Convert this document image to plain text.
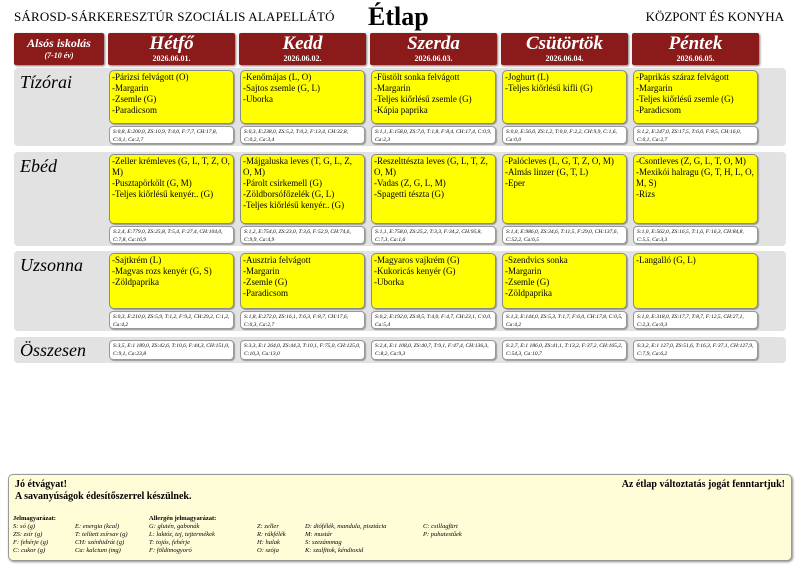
SÁROSD-SÁRKERESZTÚR SZOCIÁLIS ALAPELLÁTÓ Étlap	KÖZPONT ÉS KONYHA
Alsós iskolás
(7-10 év)
Hétfő
2026.06.01.
Kedd
2026.06.02.
Szerda
2026.06.03.
Csütörtök
2026.06.04.
Péntek
2026.06.05.
Tízórai	-Párizsi felvágott (O)
-Margarin
-Zsemle (G)
-Paradicsom
S:0,8, E:200,0, ZS:10,9, T:4,0, F:7,7, CH:17,8, C:0,1, Ca:2,7
-Kenőmájas (L, O)
-Sajtos zsemle (G, L)
-Uborka
S:0,3, E:238,0, ZS:5,2, T:0,2, F:13,4, CH:32,8, C:0,2, Ca:3,4
-Füstölt sonka felvágott
-Margarin
-Teljes kiőrlésű zsemle (G)
-Kápia paprika
S:1,1, E:158,0, ZS:7,0, T:1,8, F:8,4, CH:17,4, C:0,9, Ca:2,3
-Joghurt (L)
-Teljes kiőrlésű kifli (G)
S:0,0, E:56,0, ZS:1,2, T:0,0, F:2,2, CH:9,9, C:1,6, Ca:0,0
-Paprikás száraz felvágott
-Margarin
-Teljes kiőrlésű zsemle (G)
-Paradicsom
S:1,2, E:247,0, ZS:17,5, T:6,0, F:8,5, CH:16,0, C:0,1, Ca:2,7
Ebéd	-Zeller krémleves (G, L, T, Z, O, M)
-Pusztapörkölt (G, M)
-Teljes kiőrlésű kenyér.. (G)
S:2,4, E:779,0, ZS:25,8, T:5,4, F:27,4, CH:104,0, C:7,8, Ca:16,9
-Májgaluska leves (T, G, L, Z, O, M)
-Párolt csirkemell (G)
-Zöldborsófőzelék (G, L)
-Teljes kiőrlésű kenyér.. (G)
S:1,2, E:754,0, ZS:23,0, T:3,6, F:52,9, CH:74,6, C:9,9, Ca:4,9
-Reszelttészta leves (G, L, T, Z, O, M)
-Vadas (Z, G, L, M)
-Spagetti tészta (G)
S:1,1, E:758,0, ZS:25,2, T:3,3, F:34,2, CH:95,8, C:7,3, Ca:1,6
-Palócleves (L, G, T, Z, O, M)
-Almás linzer (G, T, L)
-Eper
S:1,4, E:986,0, ZS:34,6, T:11,5, F:29,0, CH:137,6, C:52,2, Ca:6,5
-Csontleves (Z, G, L, T, O, M)
-Mexikói halragu (G, T, H, L, O, M, S)
-Rizs
S:1,0, E:562,0, ZS:16,5, T:1,6, F:16,3, CH:84,8, C:5,5, Ca:3,3
Uzsonna	-Sajtkrém (L)
-Magvas rozs kenyér (G, S)
-Zöldpaprika
S:0,3, E:210,0, ZS:5,9, T:1,2, F:9,2, CH:29,2, C:1,2, Ca:4,2
-Ausztria felvágott
-Margarin
-Zsemle (G)
-Paradicsom
S:1,8, E:272,0, ZS:16,1, T:6,3, F:8,7, CH:17,6, C:0,3, Ca:2,7
-Magyaros vajkrém (G)
-Kukoricás kenyér (G)
-Uborka
S:0,2, E:192,0, ZS:8,5, T:4,0, F:4,7, CH:23,1, C:0,0, Ca:5,4
-Szendvics sonka
-Margarin
-Zsemle (G)
-Zöldpaprika
S:1,3, E:144,0, ZS:5,3, T:1,7, F:6,0, CH:17,8, C:0,5, Ca:4,2
-Langalló (G, L)
S:1,0, E:318,0, ZS:17,7, T:8,7, F:12,5, CH:27,1, C:2,3, Ca:0,3
Összesen	S:3,5, E:1 189,0, ZS:42,6, T:10,6, F:44,3, CH:151,0, C:9,1, Ca:23,8
S:3,3, E:1 264,0, ZS:44,3, T:10,1, F:75,0, CH:125,0, C:10,3, Ca:13,0
S:2,4, E:1 108,0, ZS:40,7, T:9,1, F:47,4, CH:136,3, C:8,2, Ca:9,3
S:2,7, E:1 186,0, ZS:41,1, T:13,2, F:37,2, CH:165,2, C:54,3, Ca:10,7
S:3,2, E:1 127,0, ZS:51,6, T:16,3, F:37,1, CH:127,9, C:7,9, Ca:6,2
Jó étvágyat!
A savanyúságok édesítőszerrel készülnek.
Az étlap változtatás jogát fenntartjuk!
Jelmagyarázat:
S: só (g)
ZS: zsír (g)
F: fehérje (g)
C: cukor (g)
E: energia (kcal)
T: telített zsírsav (g)
CH: szénhidrát (g)
Ca: kalcium (mg)
Allergén jelmagyarázat:
G: glutén, gabonák
L: laktóz, tej, tejtermékek
T: tojás, fehérje
F: földimogyoró
Z: zeller
R: rákfélék
H: halak
O: szója
D: diófélék, mandula, pisztácia
M: mustár
S: szezámmag
K: szulfitok, kéndioxid
C: csillagfürt
P: puhatestűek
